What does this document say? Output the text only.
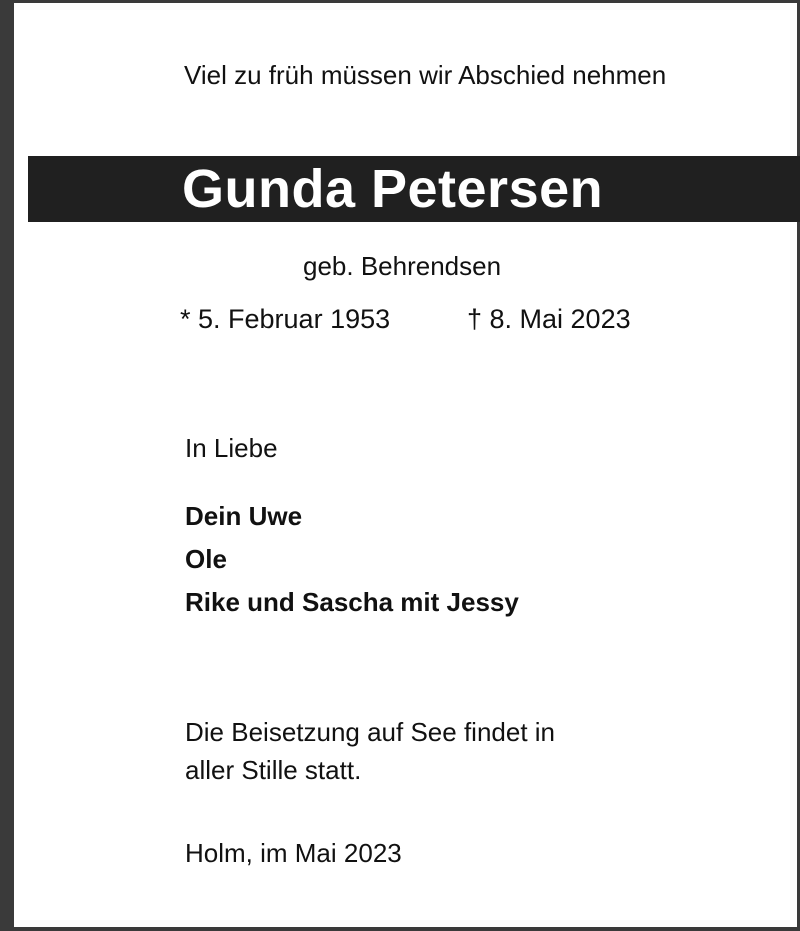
Viel zu früh müssen wir Abschied nehmen
Gunda Petersen
geb. Behrendsen
* 5. Februar 1953	† 8. Mai 2023
In Liebe
Dein Uwe
Ole
Rike und Sascha mit Jessy
Die Beisetzung auf See findet in
aller Stille statt.
Holm, im Mai 2023
